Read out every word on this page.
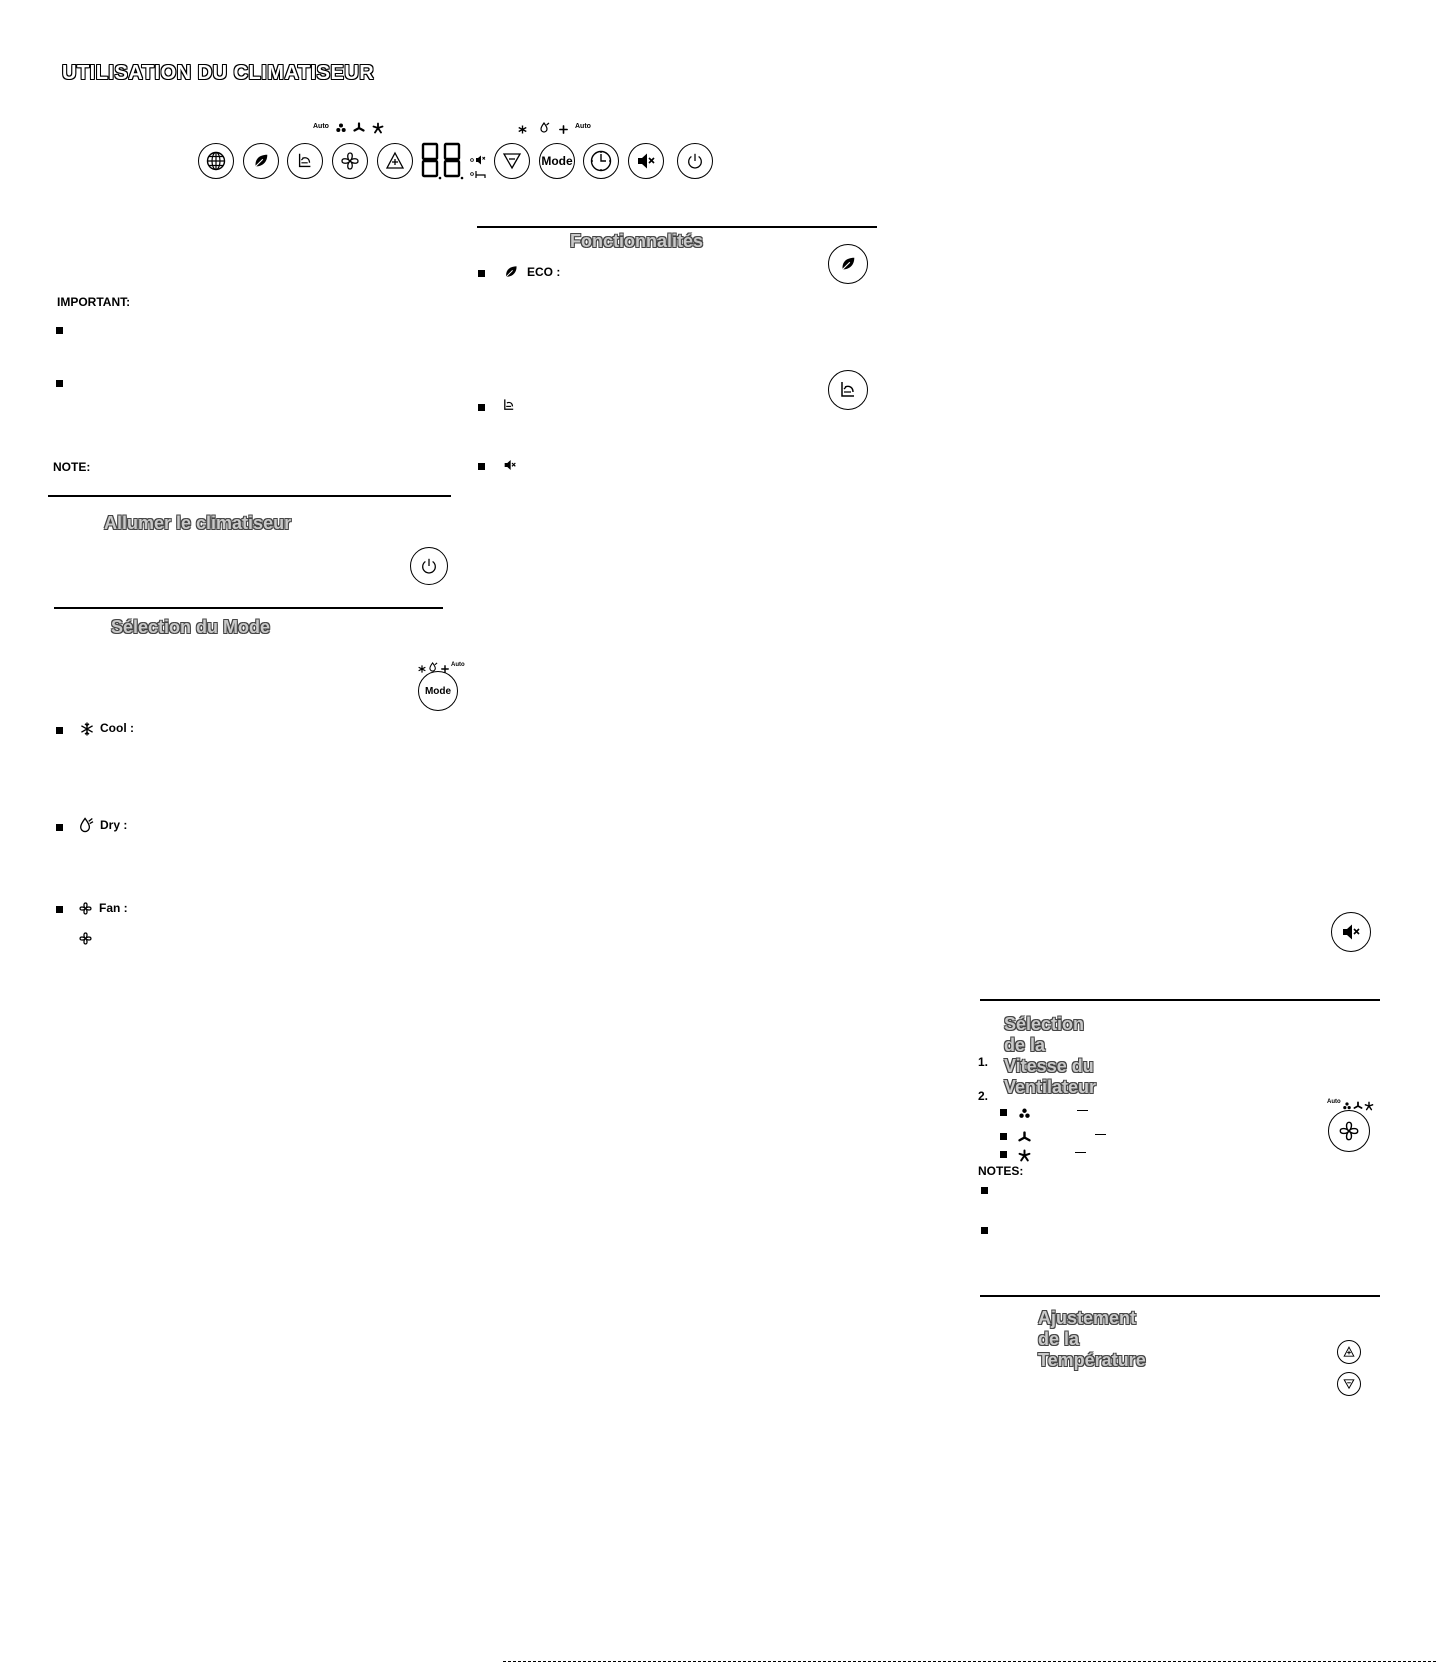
UTILISATION DU CLIMATISEUR
Auto	Auto
Mode
IMPORTANT:
NOTE:
Allumer le climatiseur
Sélection du Mode
Auto
Mode
Cool :
Dry :
Fan :
Fonctionnalités
ECO :
Sélection de la Vitesse du Ventilateur
1.
2.	Auto
NOTES:
Ajustement de la Température
